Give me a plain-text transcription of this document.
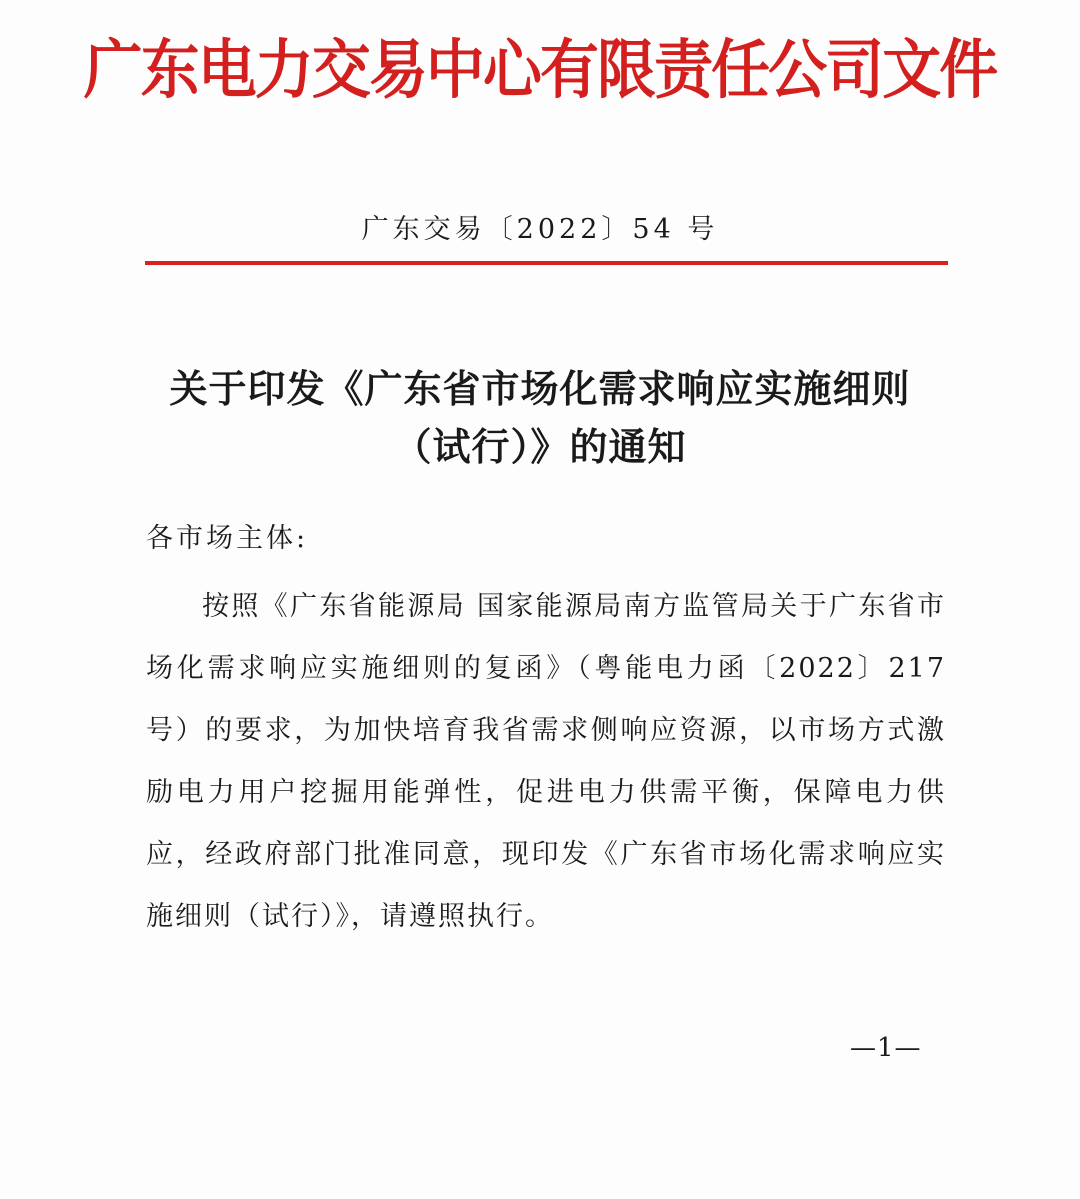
广东电力交易中心有限责任公司文件
广东交易〔2022〕54 号
关于印发《广东省市场化需求响应实施细则
（试行）》的通知
各市场主体:

按照《广东省能源局 国家能源局南方监管局关于广东省市场化需求响应实施细则的复函》（粤能电力函〔2022〕217 号）的要求，为加快培育我省需求侧响应资源，以市场方式激励电力用户挖掘用能弹性，促进电力供需平衡，保障电力供应，经政府部门批准同意，现印发《广东省市场化需求响应实施细则（试行）》，请遵照执行。

—1—
